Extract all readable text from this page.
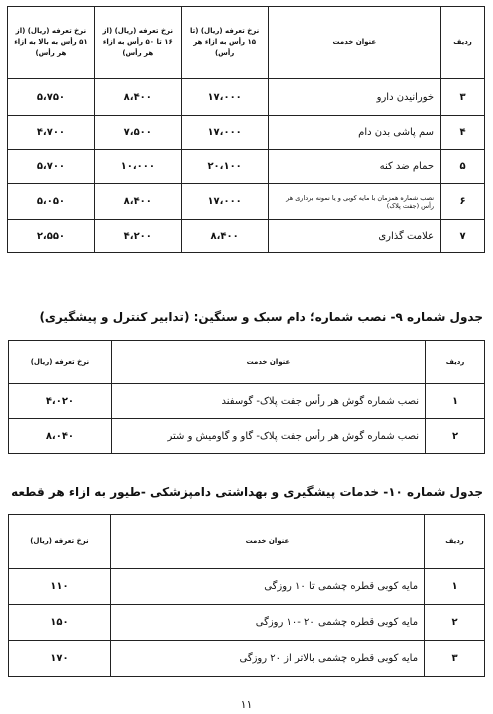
ردیف	عنوان خدمت	نرخ تعرفه (ریال) (تا ۱۵ رأس به ازاء هر رأس)	نرخ تعرفه (ریال) (از ۱۶ تا ۵۰ رأس به ازاء هر رأس)	نرخ تعرفه (ریال) (از ۵۱ رأس به بالا به ازاء هر رأس)
۳	خورانیدن دارو	۱۷،۰۰۰	۸،۴۰۰	۵،۷۵۰
۴	سم پاشی بدن دام	۱۷،۰۰۰	۷،۵۰۰	۴،۷۰۰
۵	حمام ضد کنه	۲۰،۱۰۰	۱۰،۰۰۰	۵،۷۰۰
۶	نصب شماره همزمان با مایه کوبی و یا نمونه برداری هر رأس (جفت پلاک)	۱۷،۰۰۰	۸،۴۰۰	۵،۰۵۰
۷	علامت گذاری	۸،۴۰۰	۴،۲۰۰	۲،۵۵۰
جدول شماره ۹- نصب شماره؛ دام سبک و سنگین: (تدابیر کنترل و پیشگیری)
ردیف	عنوان خدمت	نرخ تعرفه (ریال)
۱	نصب شماره گوش هر رأس جفت پلاک- گوسفند	۴،۰۲۰
۲	نصب شماره گوش هر رأس جفت پلاک- گاو و گاومیش و شتر	۸،۰۴۰
جدول شماره ۱۰- خدمات پیشگیری و بهداشتی دامپزشکی -طیور به ازاء هر قطعه
ردیف	عنوان خدمت	نرخ تعرفه (ریال)
۱	مایه کوبی قطره چشمی تا ۱۰ روزگی	۱۱۰
۲	مایه کوبی قطره چشمی ۲۰ -۱۰ روزگی	۱۵۰
۳	مایه کوبی قطره چشمی بالاتر از ۲۰ روزگی	۱۷۰
۱۱
